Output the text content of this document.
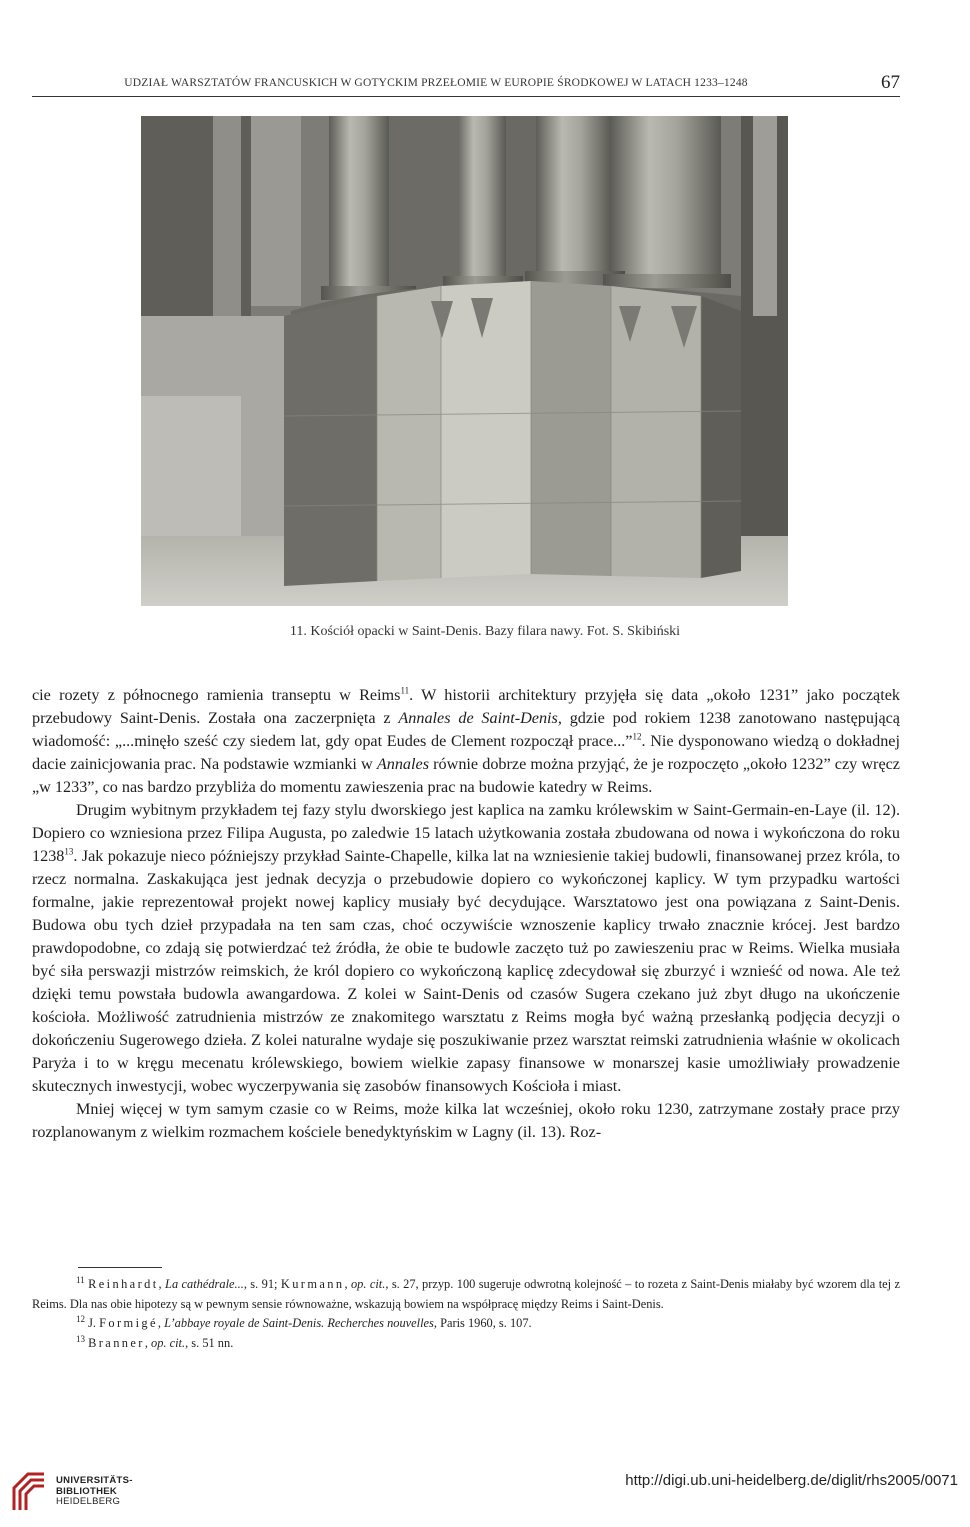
UDZIAŁ WARSZTATÓW FRANCUSKICH W GOTYCKIM PRZEŁOMIE W EUROPIE ŚRODKOWEJ W LATACH 1233–1248	67
11. Kościół opacki w Saint-Denis. Bazy filara nawy. Fot. S. Skibiński

cie rozety z północnego ramienia transeptu w Reims$^{11}$. W historii architektury przyjęła się data „około 1231” jako początek przebudowy Saint-Denis. Została ona zaczerpnięta z Annales de Saint-Denis, gdzie pod rokiem 1238 zanotowano następującą wiadomość: „...minęło sześć czy siedem lat, gdy opat Eudes de Clement rozpoczął prace...”$^{12}$. Nie dysponowano wiedzą o dokładnej dacie zainicjowania prac. Na podstawie wzmianki w Annales równie dobrze można przyjąć, że je rozpoczęto „około 1232” czy wręcz „w 1233”, co nas bardzo przybliża do momentu zawieszenia prac na budowie katedry w Reims.

Drugim wybitnym przykładem tej fazy stylu dworskiego jest kaplica na zamku królewskim w Saint-Germain-en-Laye (il. 12). Dopiero co wzniesiona przez Filipa Augusta, po zaledwie 15 latach użytkowania została zbudowana od nowa i wykończona do roku 1238$^{13}$. Jak pokazuje nieco późniejszy przykład Sainte-Chapelle, kilka lat na wzniesienie takiej budowli, finansowanej przez króla, to rzecz normalna. Zaskakująca jest jednak decyzja o przebudowie dopiero co wykończonej kaplicy. W tym przypadku wartości formalne, jakie reprezentował projekt nowej kaplicy musiały być decydujące. Warsztatowo jest ona powiązana z Saint-Denis. Budowa obu tych dzieł przypadała na ten sam czas, choć oczywiście wznoszenie kaplicy trwało znacznie krócej. Jest bardzo prawdopodobne, co zdają się potwierdzać też źródła, że obie te budowle zaczęto tuż po zawieszeniu prac w Reims. Wielka musiała być siła perswazji mistrzów reimskich, że król dopiero co wykończoną kaplicę zdecydował się zburzyć i wznieść od nowa. Ale też dzięki temu powstała budowla awangardowa. Z kolei w Saint-Denis od czasów Sugera czekano już zbyt długo na ukończenie kościoła. Możliwość zatrudnienia mistrzów ze znakomitego warsztatu z Reims mogła być ważną przesłanką podjęcia decyzji o dokończeniu Sugerowego dzieła. Z kolei naturalne wydaje się poszukiwanie przez warsztat reimski zatrudnienia właśnie w okolicach Paryża i to w kręgu mecenatu królewskiego, bowiem wielkie zapasy finansowe w monarszej kasie umożliwiały prowadzenie skutecznych inwestycji, wobec wyczerpywania się zasobów finansowych Kościoła i miast.

Mniej więcej w tym samym czasie co w Reims, może kilka lat wcześniej, około roku 1230, zatrzymane zostały prace przy rozplanowanym z wielkim rozmachem kościele benedyktyńskim w Lagny (il. 13). Roz-

$^{11}$ Reinhardt, La cathédrale..., s. 91; Kurmann, op. cit., s. 27, przyp. 100 sugeruje odwrotną kolejność – to rozeta z Saint-Denis miałaby być wzorem dla tej z Reims. Dla nas obie hipotezy są w pewnym sensie równoważne, wskazują bowiem na współpracę między Reims i Saint-Denis.

$^{12}$ J. Formigé, L’abbaye royale de Saint-Denis. Recherches nouvelles, Paris 1960, s. 107.

$^{13}$ Branner, op. cit., s. 51 nn.

UNIVERSITÄTS-
BIBLIOTHEK
HEIDELBERG
http://digi.ub.uni-heidelberg.de/diglit/rhs2005/0071
